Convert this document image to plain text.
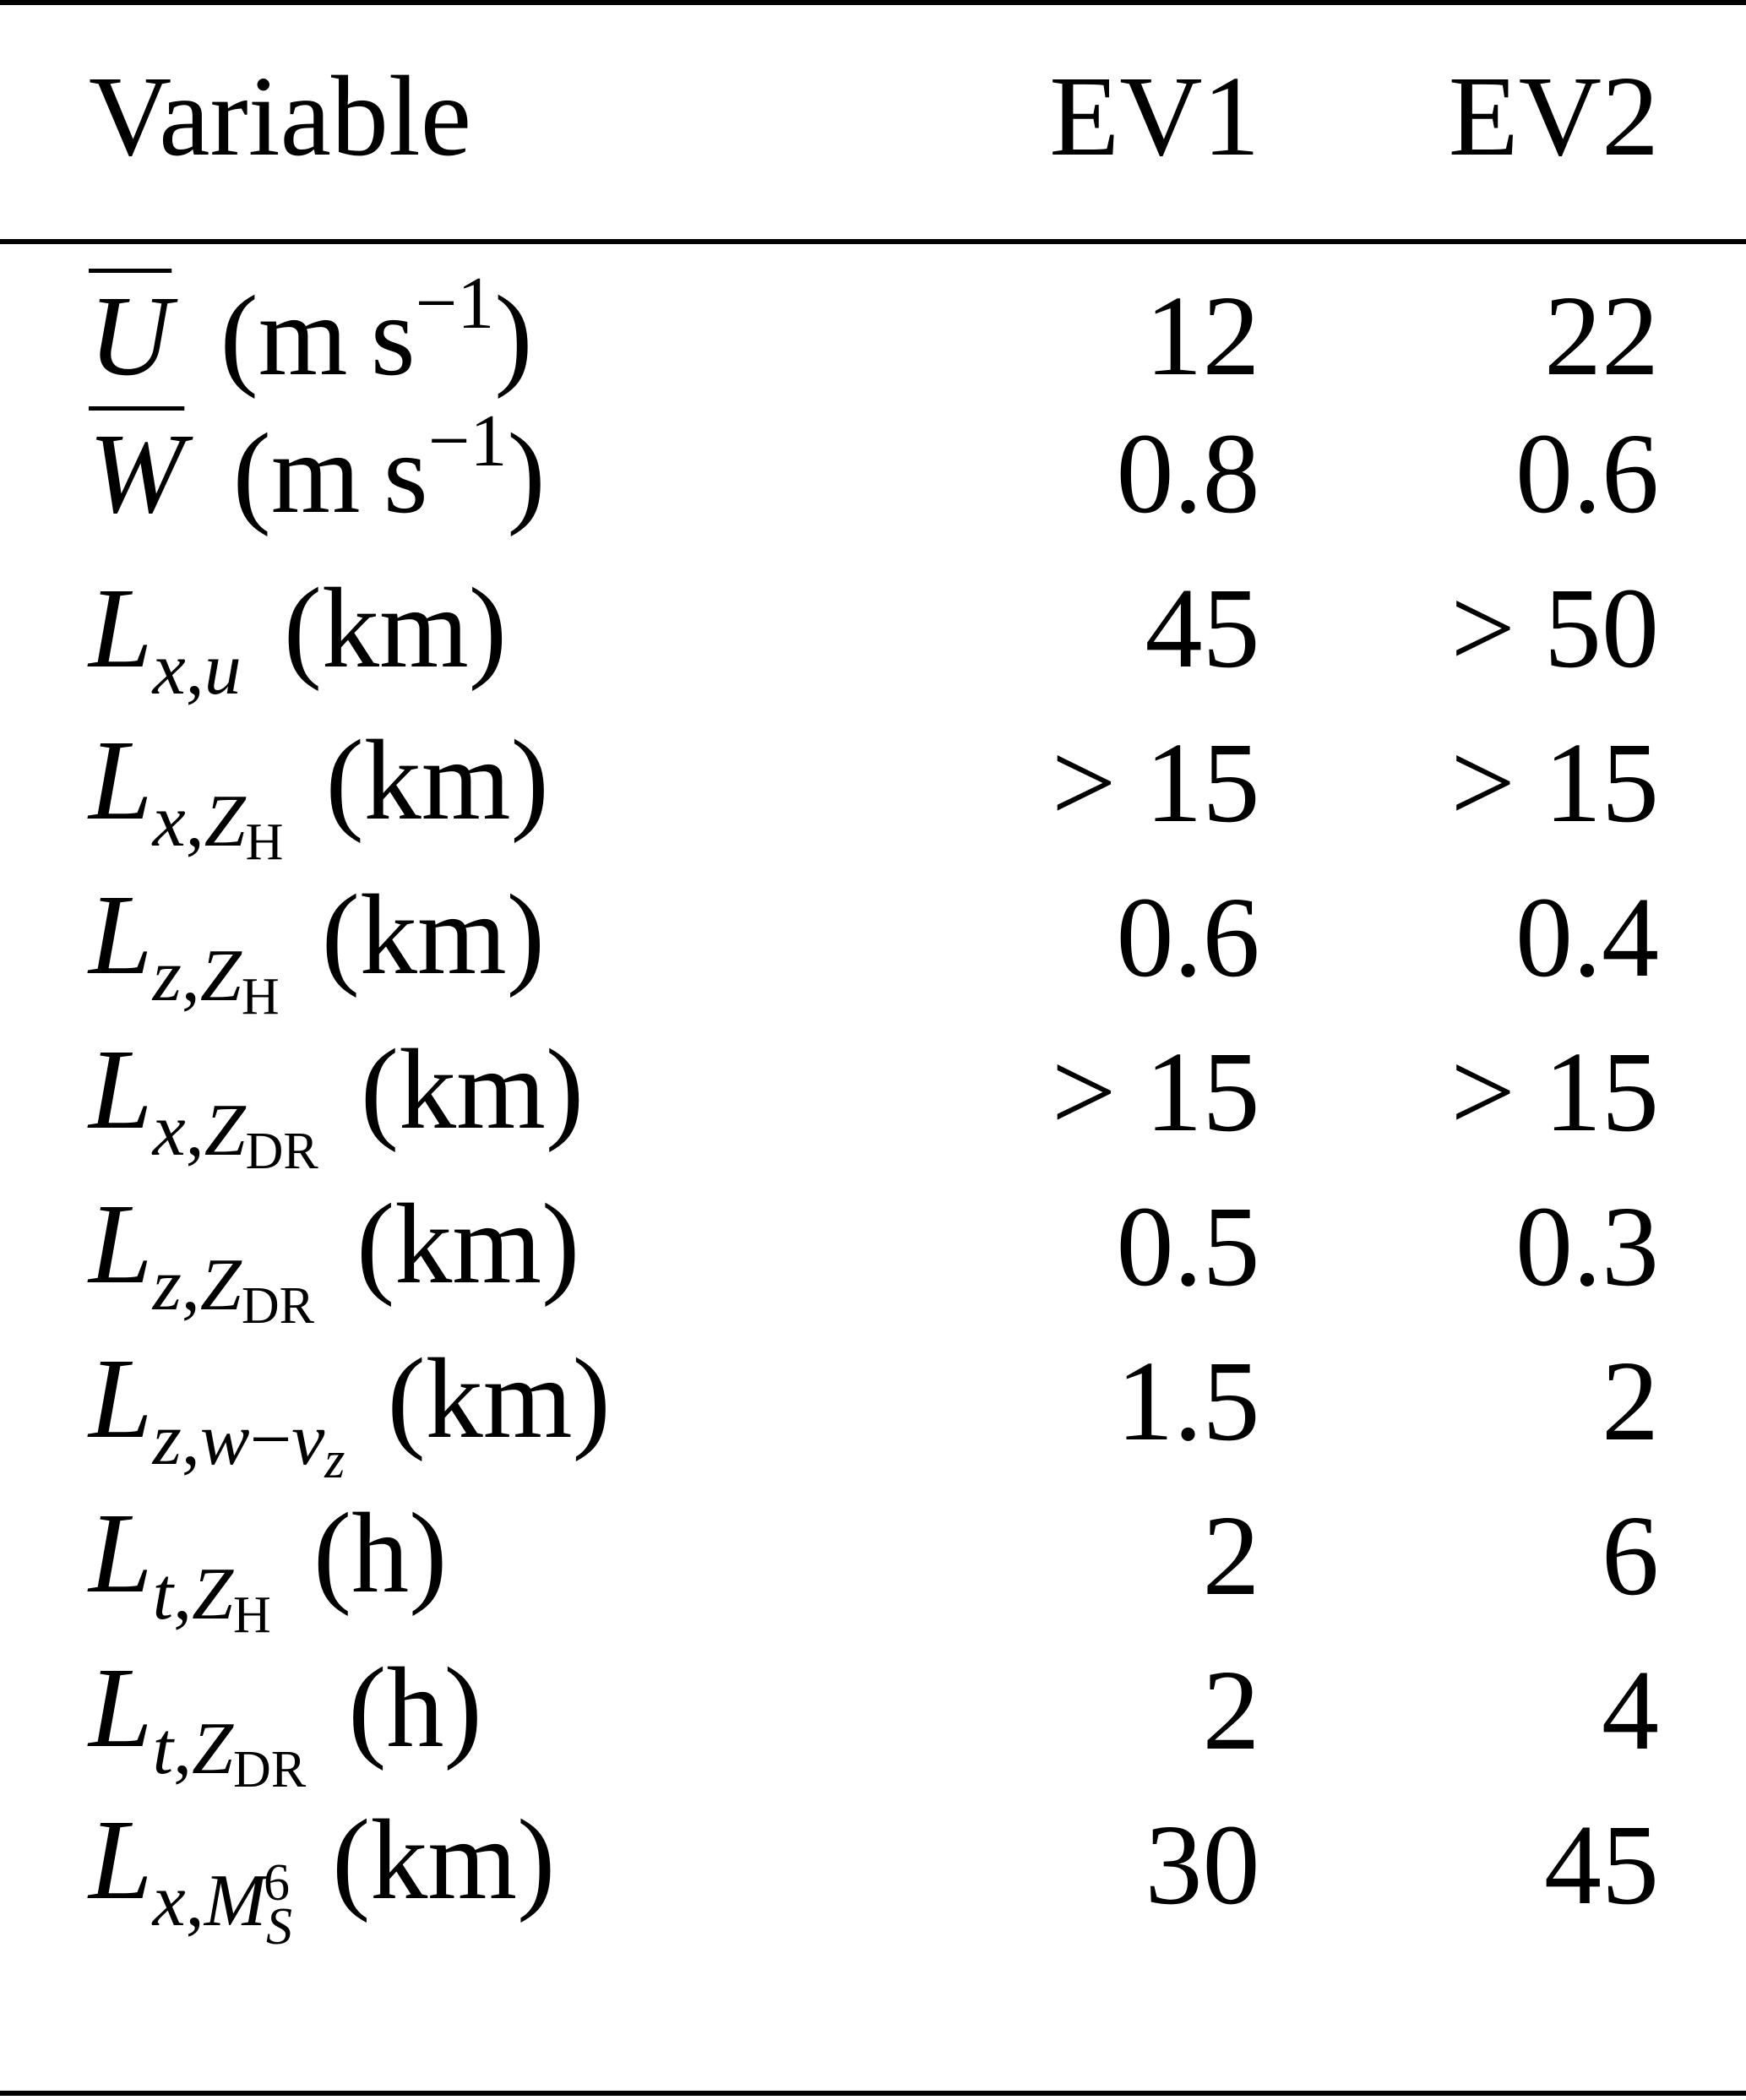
Variable	EV1	EV2
$\overline{U}$ (m $s^{-1}$)	12	22
$\overline{W}$ (m $s^{-1}$)	0.8	0.6
$L_{x,u}$ (km)	45	> 50
$L_{x,ZH}$ (km)	> 15	> 15
$L_{z,ZH}$ (km)	0.6	0.4
$L_{x,ZDR}$ (km)	> 15	> 15
$L_{z,ZDR}$ (km)	0.5	0.3
$L_{z,w-vz}$ (km)	1.5	2
$L_{t,ZH}$ (h)	2	6
$L_{t,ZDR}$ (h)	2	4
$L_{x,M_S^6}$ (km)	30	45
